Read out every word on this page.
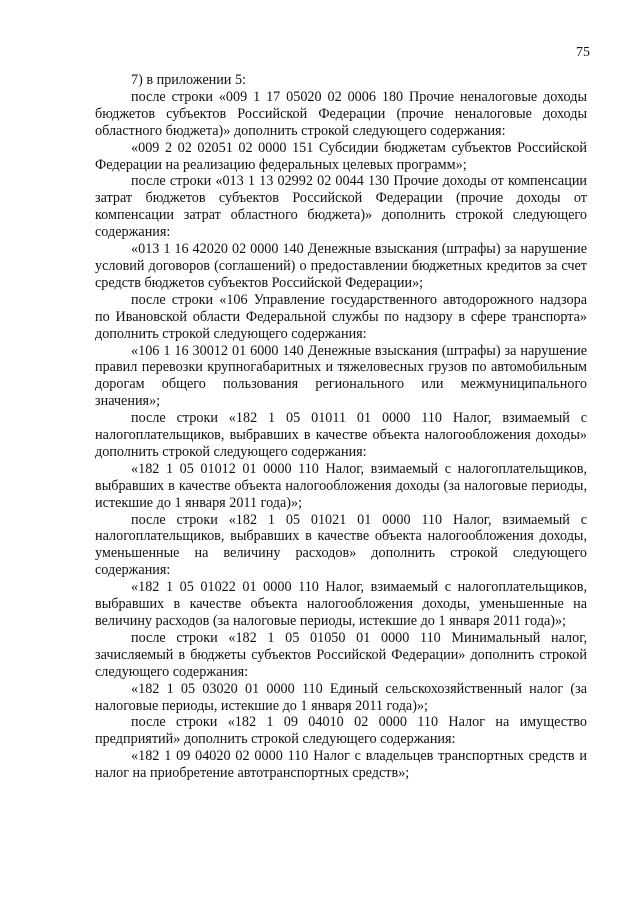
75

7) в приложении 5:

после строки «009 1 17 05020 02 0006 180 Прочие неналоговые доходы бюджетов субъектов Российской Федерации (прочие неналоговые доходы областного бюджета)» дополнить строкой следующего содержания:

«009 2 02 02051 02 0000 151 Субсидии бюджетам субъектов Российской Федерации на реализацию федеральных целевых программ»;

после строки «013 1 13 02992 02 0044 130 Прочие доходы от компенсации затрат бюджетов субъектов Российской Федерации (прочие доходы от компенсации затрат областного бюджета)» дополнить строкой следующего содержания:

«013 1 16 42020 02 0000 140 Денежные взыскания (штрафы) за нарушение условий договоров (соглашений) о предоставлении бюджетных кредитов за счет средств бюджетов субъектов Российской Федерации»;

после строки «106 Управление государственного автодорожного надзора по Ивановской области Федеральной службы по надзору в сфере транспорта» дополнить строкой следующего содержания:

«106 1 16 30012 01 6000 140 Денежные взыскания (штрафы) за нарушение правил перевозки крупногабаритных и тяжеловесных грузов по автомобильным дорогам общего пользования регионального или межмуниципального значения»;

после строки «182 1 05 01011 01 0000 110 Налог, взимаемый с налогоплательщиков, выбравших в качестве объекта налогообложения доходы» дополнить строкой следующего содержания:

«182 1 05 01012 01 0000 110 Налог, взимаемый с налогоплательщиков, выбравших в качестве объекта налогообложения доходы (за налоговые периоды, истекшие до 1 января 2011 года)»;

после строки «182 1 05 01021 01 0000 110 Налог, взимаемый с налогоплательщиков, выбравших в качестве объекта налогообложения доходы, уменьшенные на величину расходов» дополнить строкой следующего содержания:

«182 1 05 01022 01 0000 110 Налог, взимаемый с налогоплательщиков, выбравших в качестве объекта налогообложения доходы, уменьшенные на величину расходов (за налоговые периоды, истекшие до 1 января 2011 года)»;

после строки «182 1 05 01050 01 0000 110 Минимальный налог, зачисляемый в бюджеты субъектов Российской Федерации» дополнить строкой следующего содержания:

«182 1 05 03020 01 0000 110 Единый сельскохозяйственный налог (за налоговые периоды, истекшие до 1 января 2011 года)»;

после строки «182 1 09 04010 02 0000 110 Налог на имущество предприятий» дополнить строкой следующего содержания:

«182 1 09 04020 02 0000 110 Налог с владельцев транспортных средств и налог на приобретение автотранспортных средств»;
